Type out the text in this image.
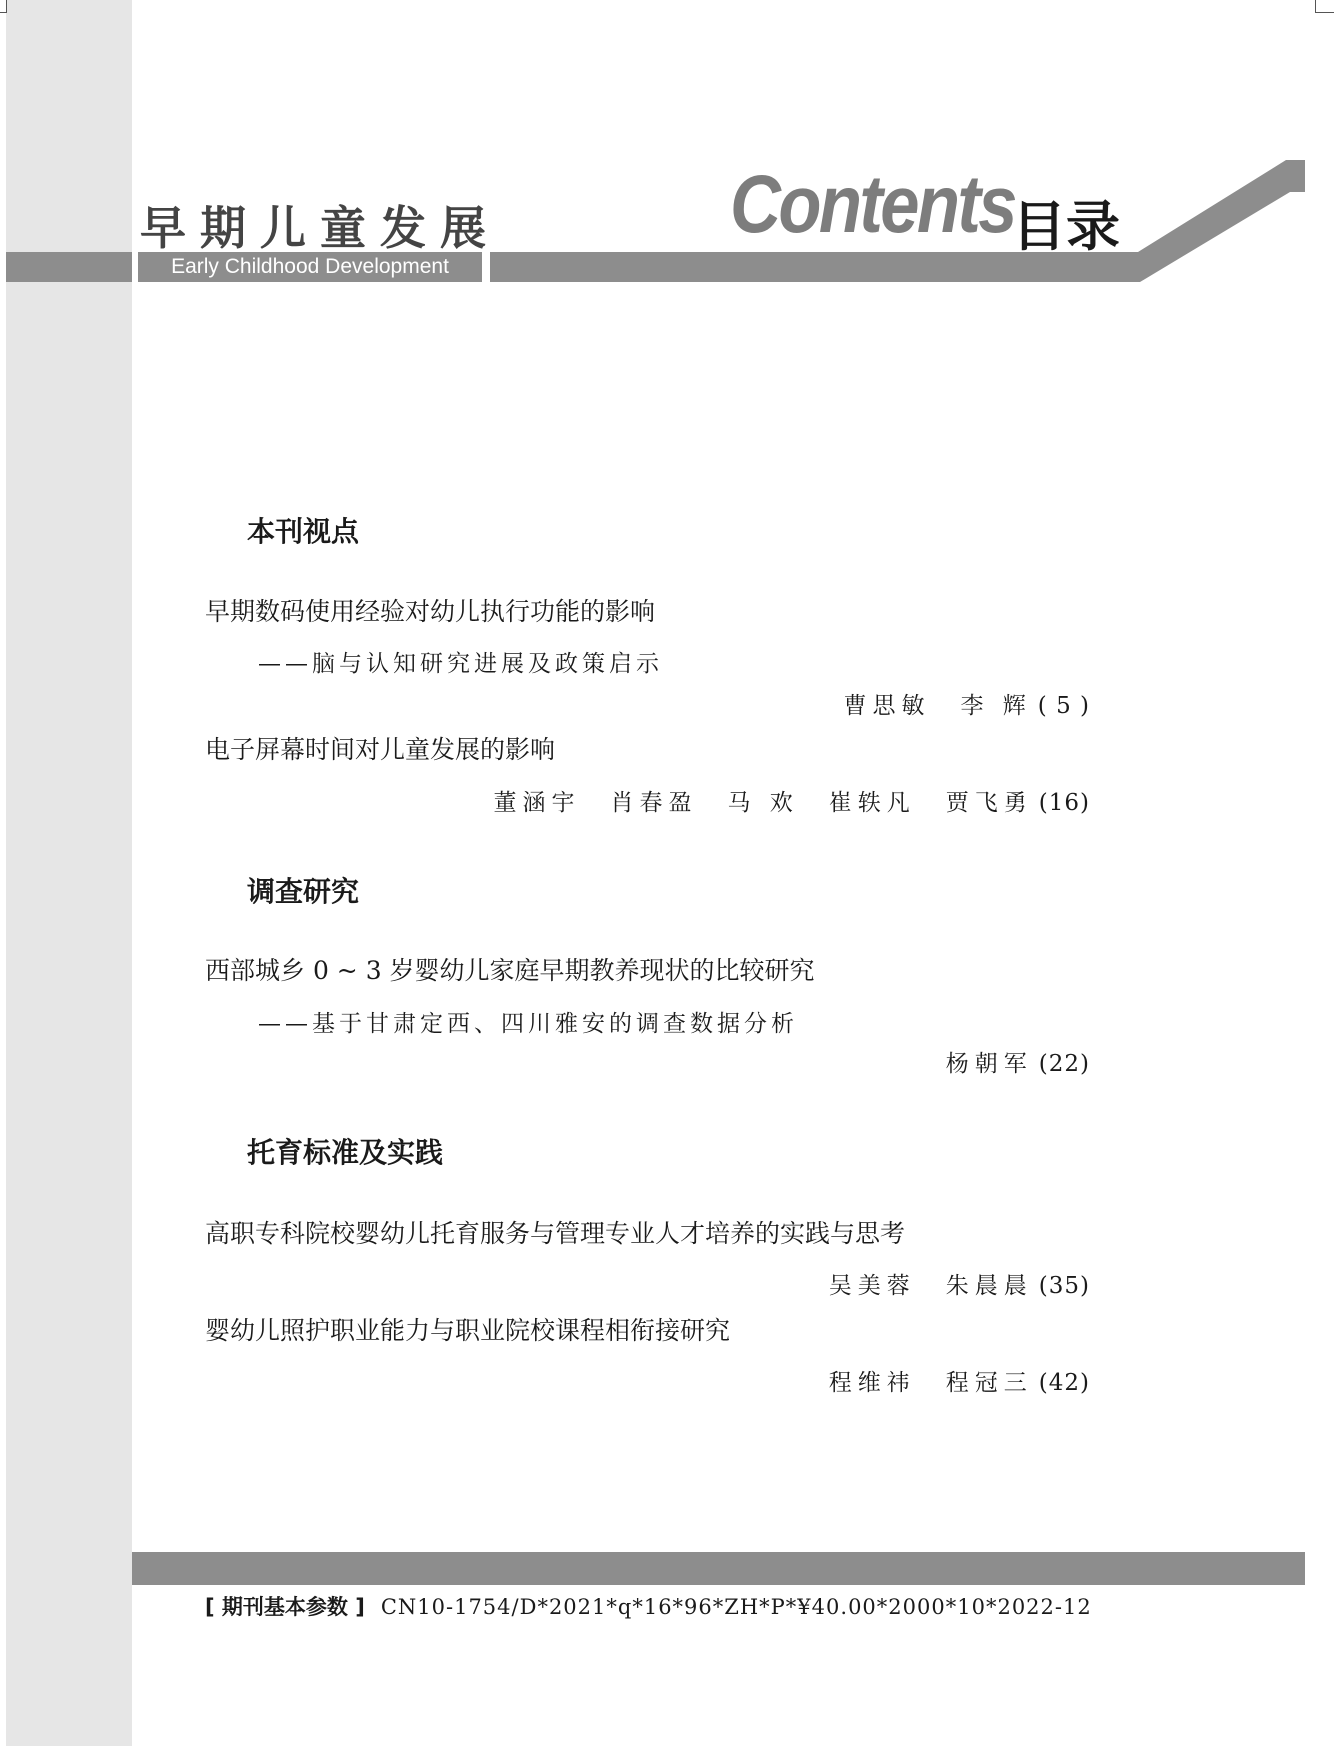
早期儿童发展
Early Childhood Development
Contents
目录
本刊视点
早期数码使用经验对幼儿执行功能的影响
——脑与认知研究进展及政策启示
曹思敏 李 辉 ( 5 )
电子屏幕时间对儿童发展的影响
董涵宇 肖春盈 马 欢 崔轶凡 贾飞勇 (16)
调查研究
西部城乡 0 ~ 3 岁婴幼儿家庭早期教养现状的比较研究
——基于甘肃定西、四川雅安的调查数据分析
杨朝军 (22)
托育标准及实践
高职专科院校婴幼儿托育服务与管理专业人才培养的实践与思考
吴美蓉 朱晨晨 (35)
婴幼儿照护职业能力与职业院校课程相衔接研究
程维祎 程冠三 (42)
[ 期刊基本参数 ] CN10-1754/D*2021*q*16*96*ZH*P*¥40.00*2000*10*2022-12
